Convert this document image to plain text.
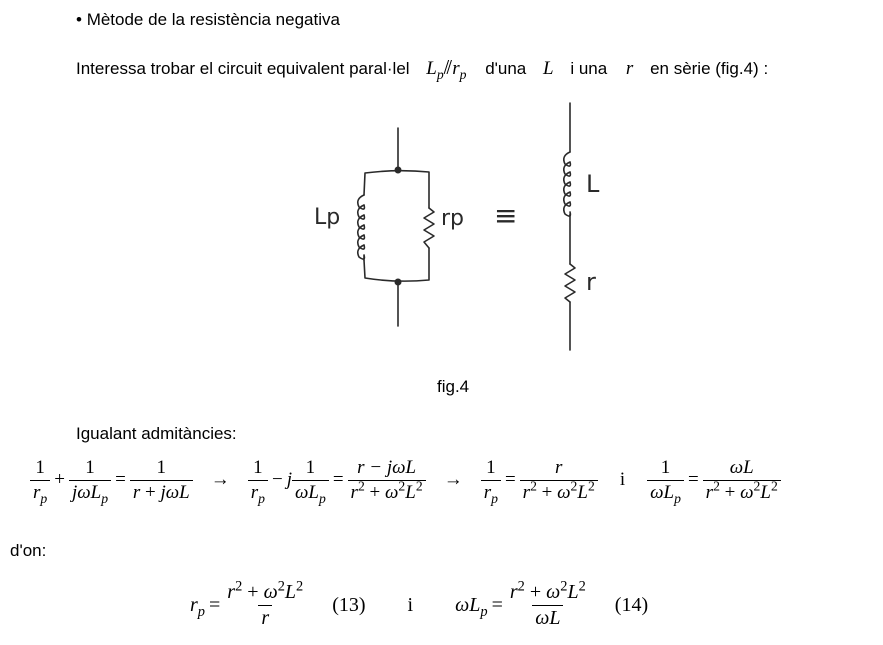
• Mètode de la resistència negativa
Interessa trobar el circuit equivalent paral·lel $L_p⫽r_p$ d'una L i una r en sèrie (fig.4) :
Lp	rp ≡
L
r
fig.4
Igualant admitàncies:
$\frac{1}{r_p} + \frac{1}{j\omega L_p} = \frac{1}{\text{r + jωL}} \to \frac{1}{r_p} - j \frac{1}{\omega L_p} = \frac{\text{r − jωL}}{r^2 + \omega^2L^2} \to \frac{1}{r_p} = \frac{r}{r^2 + \omega^2L^2}$	i	$\frac{1}{\omega L_p} = \frac{\omega L}{r^2 + \omega^2L^2}$
d'on:
$r_p = \frac{r^2 + \omega^2L^2}{r}$	(13)	i	$\omega L_p = \frac{r^2 + \omega^2L^2}{\omega L}$	(14)
